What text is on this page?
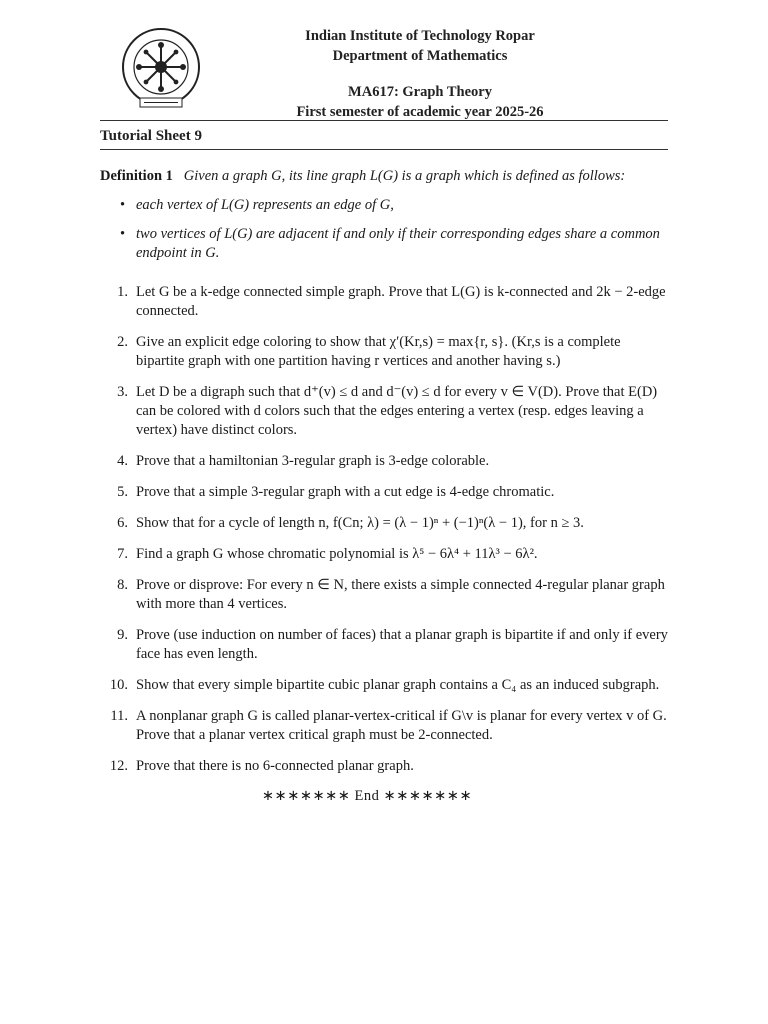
Indian Institute of Technology Ropar
Department of Mathematics
MA617: Graph Theory
First semester of academic year 2025-26
Tutorial Sheet 9
Definition 1 Given a graph G, its line graph L(G) is a graph which is defined as follows:
• each vertex of L(G) represents an edge of G,
• two vertices of L(G) are adjacent if and only if their corresponding edges share a common endpoint in G.
1. Let G be a k-edge connected simple graph. Prove that L(G) is k-connected and 2k − 2-edge connected.
2. Give an explicit edge coloring to show that χ′(Kr,s) = max{r, s}. (Kr,s is a complete bipartite graph with one partition having r vertices and another having s.)
3. Let D be a digraph such that d⁺(v) ≤ d and d⁻(v) ≤ d for every v ∈ V(D). Prove that E(D) can be colored with d colors such that the edges entering a vertex (resp. edges leaving a vertex) have distinct colors.
4. Prove that a hamiltonian 3-regular graph is 3-edge colorable.
5. Prove that a simple 3-regular graph with a cut edge is 4-edge chromatic.
6. Show that for a cycle of length n, f(Cn; λ) = (λ − 1)ⁿ + (−1)ⁿ(λ − 1), for n ≥ 3.
7. Find a graph G whose chromatic polynomial is λ⁵ − 6λ⁴ + 11λ³ − 6λ².
8. Prove or disprove: For every n ∈ N, there exists a simple connected 4-regular planar graph with more than 4 vertices.
9. Prove (use induction on number of faces) that a planar graph is bipartite if and only if every face has even length.
10. Show that every simple bipartite cubic planar graph contains a C₄ as an induced subgraph.
11. A nonplanar graph G is called planar-vertex-critical if G\v is planar for every vertex v of G. Prove that a planar vertex critical graph must be 2-connected.
12. Prove that there is no 6-connected planar graph.
∗∗∗∗∗∗∗ End ∗∗∗∗∗∗∗
